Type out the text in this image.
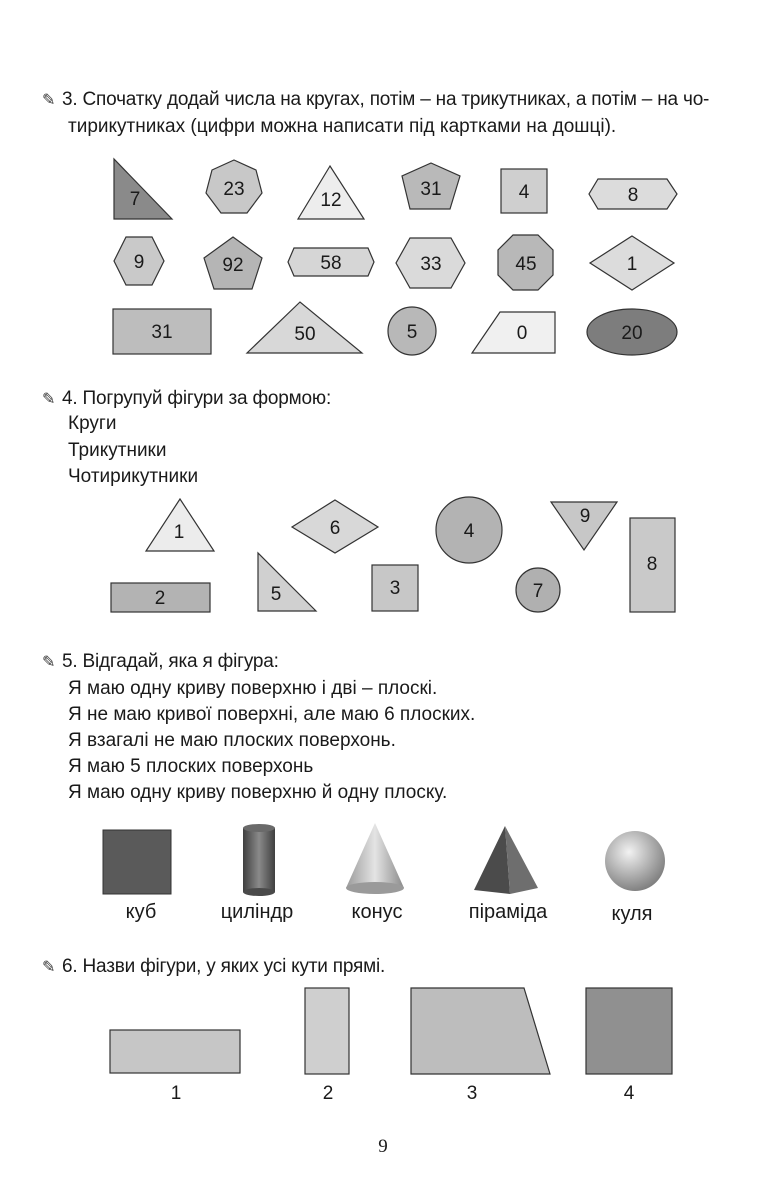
✎ 3. Спочатку додай числа на кругах, потім – на трикутниках, а потім – на чо-
тирикутниках (цифри можна написати під картками на дошці).
✎ 4. Погрупуй фігури за формою:
Круги
Трикутники
Чотирикутники
✎ 5. Відгадай, яка я фігура:
Я маю одну криву поверхню і дві – плоскі.
Я не маю кривої поверхні, але маю 6 плоских.
Я взагалі не маю плоских поверхонь.
Я маю 5 плоских поверхонь
Я маю одну криву поверхню й одну плоску.
✎ 6. Назви фігури, у яких усі кути прямі.
7	23
12
31	4	8
9	92	58	33	45	1
31	50	5	0	20
1	6	4
9
8
2	5	3	7
куб	циліндр	конус	піраміда	куля
1	2	3	4
9
